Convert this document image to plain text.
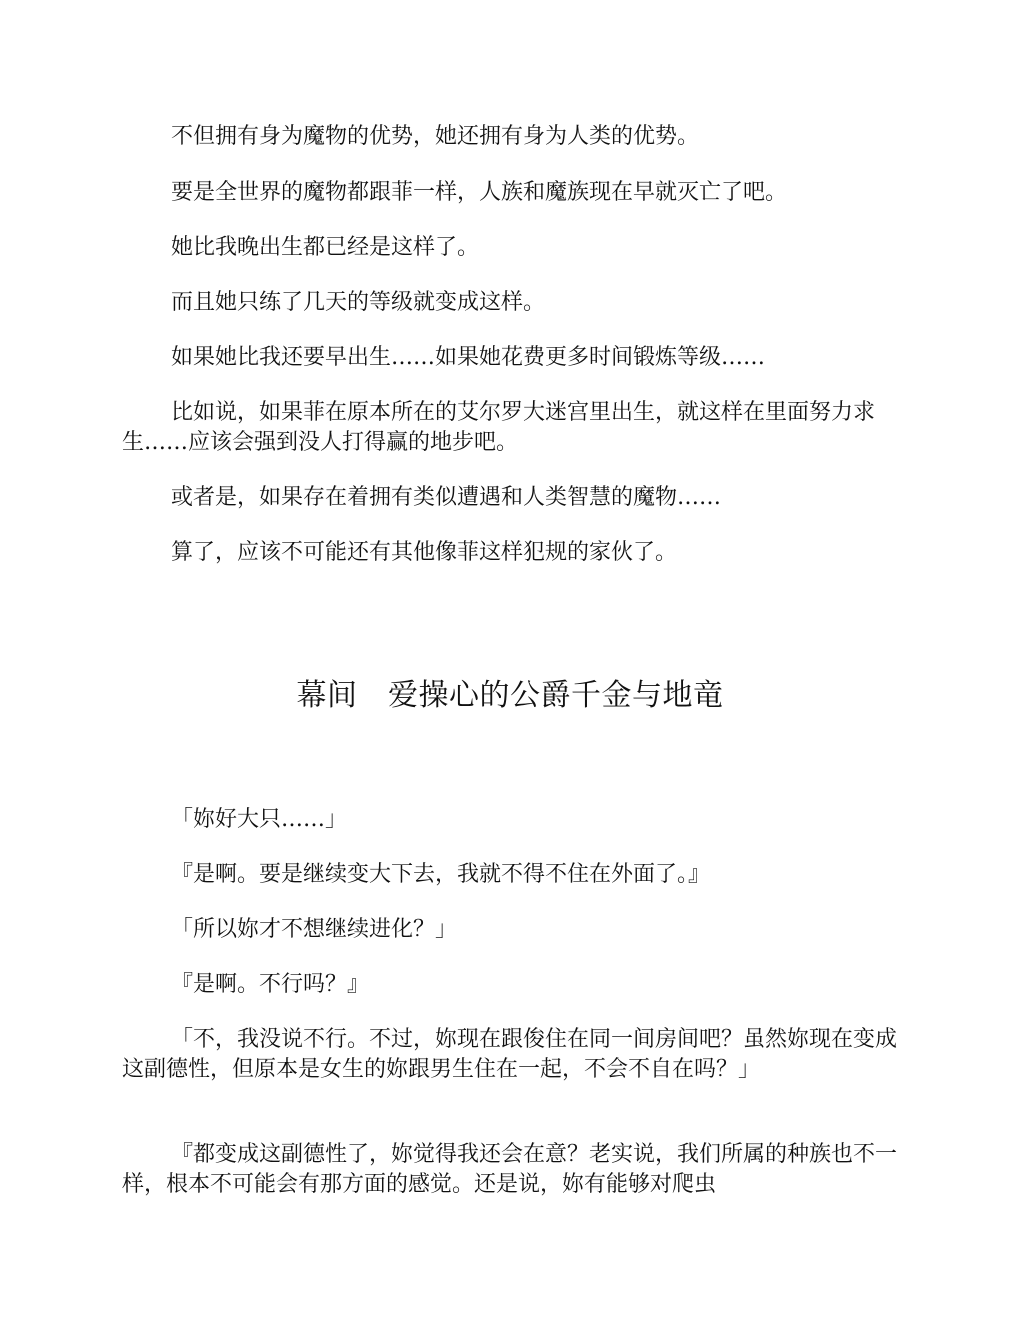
不但拥有身为魔物的优势，她还拥有身为人类的优势。

要是全世界的魔物都跟菲一样，人族和魔族现在早就灭亡了吧。

她比我晚出生都已经是这样了。

而且她只练了几天的等级就变成这样。

如果她比我还要早出生……如果她花费更多时间锻炼等级……

比如说，如果菲在原本所在的艾尔罗大迷宫里出生，就这样在里面努力求生……应该会强到没人打得赢的地步吧。

或者是，如果存在着拥有类似遭遇和人类智慧的魔物……

算了，应该不可能还有其他像菲这样犯规的家伙了。

幕间　爱操心的公爵千金与地竜

「妳好大只……」

『是啊。要是继续变大下去，我就不得不住在外面了。』

「所以妳才不想继续进化？」

『是啊。不行吗？』

「不，我没说不行。不过，妳现在跟俊住在同一间房间吧？虽然妳现在变成这副德性，但原本是女生的妳跟男生住在一起，不会不自在吗？」

『都变成这副德性了，妳觉得我还会在意？老实说，我们所属的种族也不一样，根本不可能会有那方面的感觉。还是说，妳有能够对爬虫
